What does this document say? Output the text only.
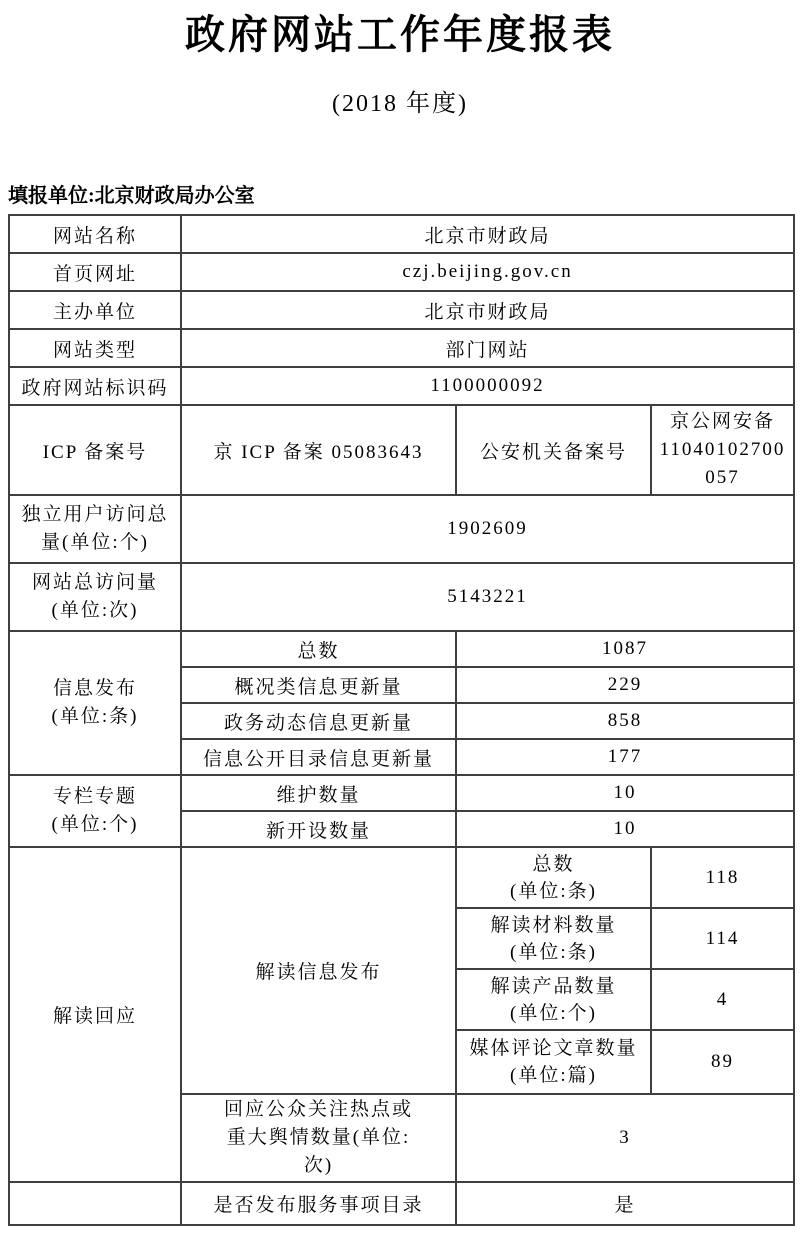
政府网站工作年度报表
(2018 年度)
填报单位:北京财政局办公室
网站名称	北京市财政局		
首页网址	czj.beijing.gov.cn		
主办单位	北京市财政局		
网站类型	部门网站		
政府网站标识码	1100000092		
ICP 备案号	京 ICP 备案 05083643	公安机关备案号	京公网安备
11040102700
057

独立用户访问总
量(单位:个)	1902609		

网站总访问量
(单位:次)	5143221		

信息发布
(单位:条)	总数	1087	
	概况类信息更新量	229	
	政务动态信息更新量	858	
	信息公开目录信息更新量	177	

专栏专题
(单位:个)	维护数量	10	
	新开设数量	10	
解读回应	解读信息发布	总数
(单位:条)	118

		解读材料数量
(单位:条)	114

		解读产品数量
(单位:个)	4

		媒体评论文章数量
(单位:篇)	89

	回应公众关注热点或
重大舆情数量(单位:
次)	3	
	是否发布服务事项目录	是	
